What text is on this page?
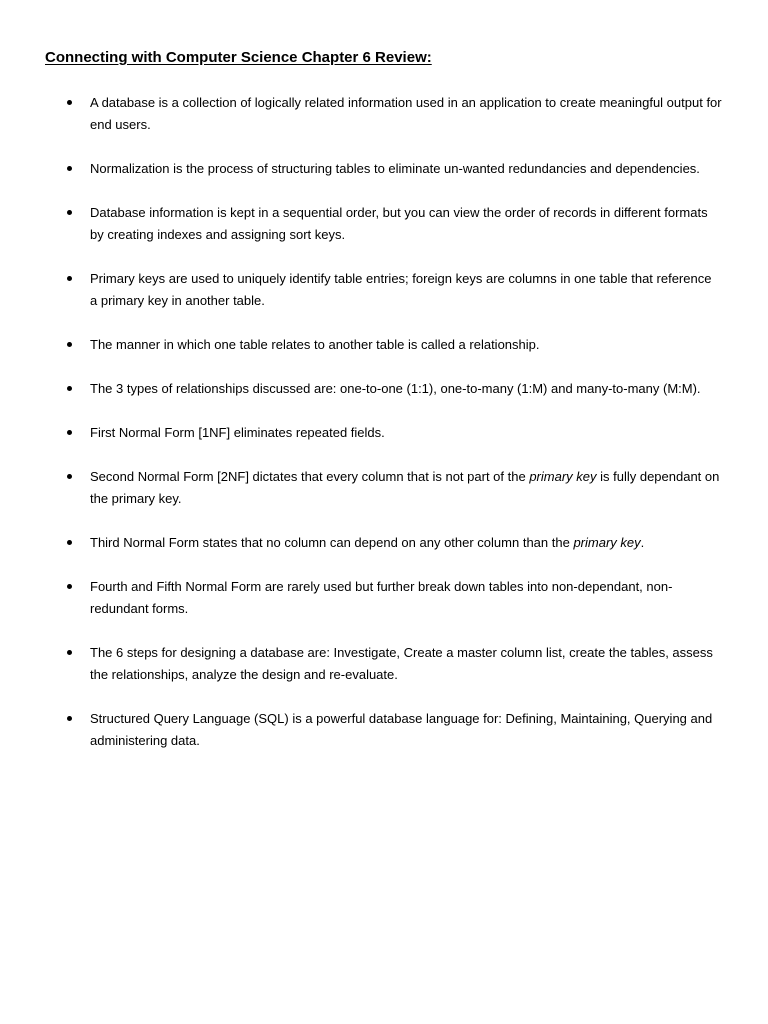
Connecting with Computer Science Chapter 6 Review:
A database is a collection of logically related information used in an application to create meaningful output for end users.
Normalization is the process of structuring tables to eliminate un-wanted redundancies and dependencies.
Database information is kept in a sequential order, but you can view the order of records in different formats by creating indexes and assigning sort keys.
Primary keys are used to uniquely identify table entries; foreign keys are columns in one table that reference a primary key in another table.
The manner in which one table relates to another table is called a relationship.
The 3 types of relationships discussed are: one-to-one (1:1), one-to-many (1:M) and many-to-many (M:M).
First Normal Form [1NF] eliminates repeated fields.
Second Normal Form [2NF] dictates that every column that is not part of the primary key is fully dependant on the primary key.
Third Normal Form states that no column can depend on any other column than the primary key.
Fourth and Fifth Normal Form are rarely used but further break down tables into non-dependant, non-redundant forms.
The 6 steps for designing a database are: Investigate, Create a master column list, create the tables, assess the relationships, analyze the design and re-evaluate.
Structured Query Language (SQL) is a powerful database language for: Defining, Maintaining, Querying and administering data.
